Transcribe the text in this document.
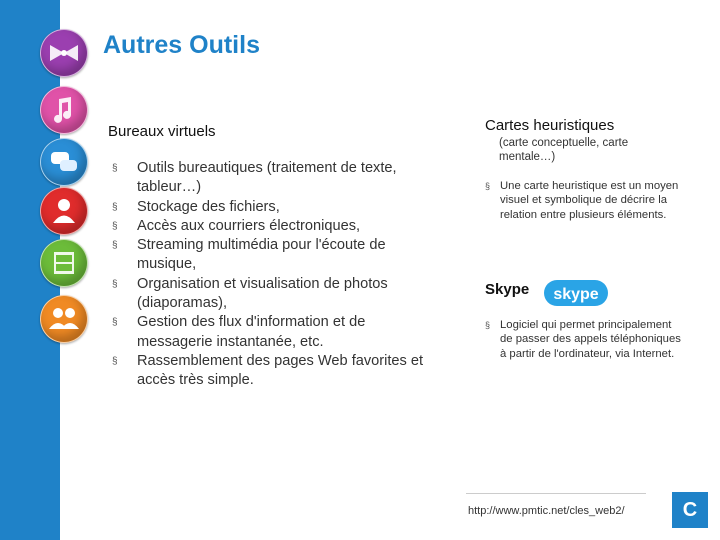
Autres Outils
Bureaux virtuels
§ Outils bureautiques (traitement de texte, tableur…)
§ Stockage des fichiers,
§ Accès aux courriers électroniques,
§ Streaming multimédia pour l'écoute de musique,
§ Organisation et visualisation de photos (diaporamas),
§ Gestion des flux d'information et de messagerie instantanée, etc.
§ Rassemblement des pages Web favorites et accès très simple.
Cartes heuristiques
(carte conceptuelle, carte mentale…)
§ Une carte heuristique est un moyen visuel et symbolique de décrire la relation entre plusieurs éléments.
Skype skype
§ Logiciel qui permet principalement de passer des appels téléphoniques à partir de l'ordinateur, via Internet.
http://www.pmtic.net/cles_web2/	C
